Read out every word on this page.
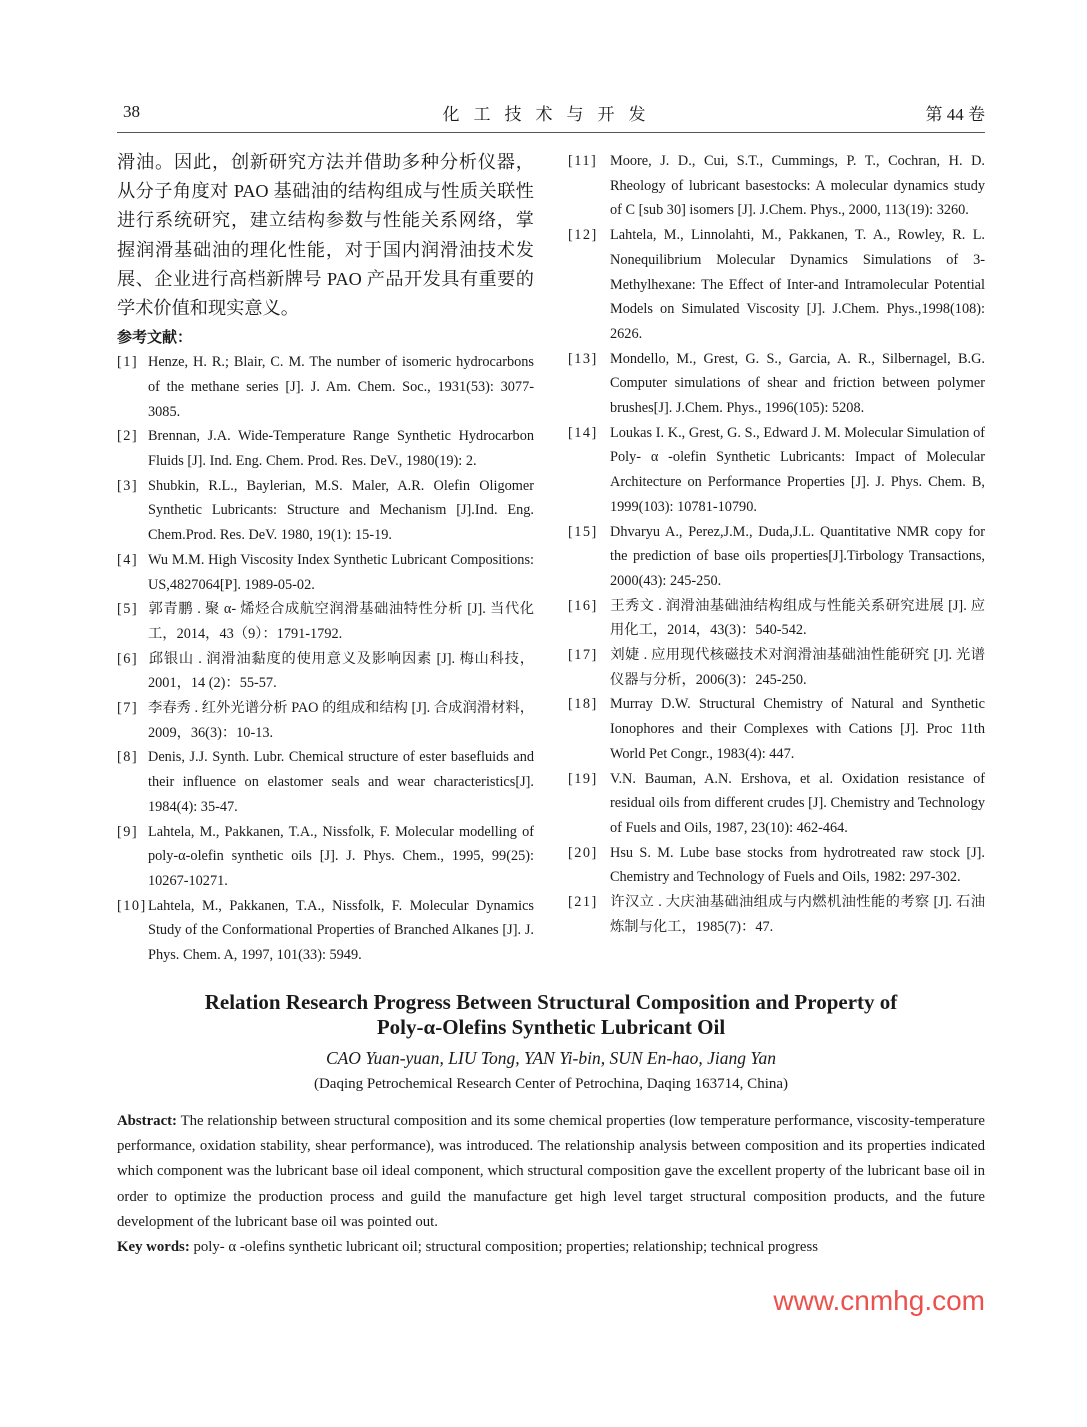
38	化工技术与开发	第 44 卷
滑油。因此，创新研究方法并借助多种分析仪器，从分子角度对 PAO 基础油的结构组成与性质关联性进行系统研究，建立结构参数与性能关系网络，掌握润滑基础油的理化性能，对于国内润滑油技术发展、企业进行高档新牌号 PAO 产品开发具有重要的学术价值和现实意义。
参考文献：
[1] Henze, H. R.; Blair, C. M. The number of isomeric hydrocarbons of the methane series [J]. J. Am. Chem. Soc., 1931(53): 3077-3085.
[2] Brennan, J.A. Wide-Temperature Range Synthetic Hydrocarbon Fluids [J]. Ind. Eng. Chem. Prod. Res. DeV., 1980(19): 2.
[3] Shubkin, R.L., Baylerian, M.S. Maler, A.R. Olefin Oligomer Synthetic Lubricants: Structure and Mechanism [J].Ind. Eng. Chem.Prod. Res. DeV. 1980, 19(1): 15-19.
[4] Wu M.M. High Viscosity Index Synthetic Lubricant Compositions: US,4827064[P]. 1989-05-02.
[5] 郭青鹏 . 聚 α- 烯烃合成航空润滑基础油特性分析 [J]. 当代化工，2014，43（9）：1791-1792.
[6] 邱银山 . 润滑油黏度的使用意义及影响因素 [J]. 梅山科技，2001，14 (2)：55-57.
[7] 李春秀 . 红外光谱分析 PAO 的组成和结构 [J]. 合成润滑材料，2009，36(3)：10-13.
[8] Denis, J.J. Synth. Lubr. Chemical structure of ester basefluids and their influence on elastomer seals and wear characteristics[J]. 1984(4): 35-47.
[9] Lahtela, M., Pakkanen, T.A., Nissfolk, F. Molecular modelling of poly-α-olefin synthetic oils [J]. J. Phys. Chem., 1995, 99(25): 10267-10271.
[10]Lahtela, M., Pakkanen, T.A., Nissfolk, F. Molecular Dynamics Study of the Conformational Properties of Branched Alkanes [J]. J. Phys. Chem. A, 1997, 101(33): 5949.
[11] Moore, J. D., Cui, S.T., Cummings, P. T., Cochran, H. D. Rheology of lubricant basestocks: A molecular dynamics study of C [sub 30] isomers [J]. J.Chem. Phys., 2000, 113(19): 3260.
[12] Lahtela, M., Linnolahti, M., Pakkanen, T. A., Rowley, R. L. Nonequilibrium Molecular Dynamics Simulations of 3-Methylhexane: The Effect of Inter-and Intramolecular Potential Models on Simulated Viscosity [J]. J.Chem. Phys.,1998(108): 2626.
[13] Mondello, M., Grest, G. S., Garcia, A. R., Silbernagel, B.G. Computer simulations of shear and friction between polymer brushes[J]. J.Chem. Phys., 1996(105): 5208.
[14] Loukas I. K., Grest, G. S., Edward J. M. Molecular Simulation of Poly- α -olefin Synthetic Lubricants: Impact of Molecular Architecture on Performance Properties [J]. J. Phys. Chem. B, 1999(103): 10781-10790.
[15] Dhvaryu A., Perez,J.M., Duda,J.L. Quantitative NMR copy for the prediction of base oils properties[J].Tirbology Transactions, 2000(43): 245-250.
[16] 王秀文 . 润滑油基础油结构组成与性能关系研究进展 [J]. 应用化工，2014，43(3)：540-542.
[17] 刘婕 . 应用现代核磁技术对润滑油基础油性能研究 [J]. 光谱仪器与分析，2006(3)：245-250.
[18] Murray D.W. Structural Chemistry of Natural and Synthetic Ionophores and their Complexes with Cations [J]. Proc 11th World Pet Congr., 1983(4): 447.
[19] V.N. Bauman, A.N. Ershova, et al. Oxidation resistance of residual oils from different crudes [J]. Chemistry and Technology of Fuels and Oils, 1987, 23(10): 462-464.
[20] Hsu S. M. Lube base stocks from hydrotreated raw stock [J]. Chemistry and Technology of Fuels and Oils, 1982: 297-302.
[21] 许汉立 . 大庆油基础油组成与内燃机油性能的考察 [J]. 石油炼制与化工，1985(7)：47.
Relation Research Progress Between Structural Composition and Property of
Poly-α-Olefins Synthetic Lubricant Oil
CAO Yuan-yuan, LIU Tong, YAN Yi-bin, SUN En-hao, Jiang Yan
(Daqing Petrochemical Research Center of Petrochina, Daqing 163714, China)
Abstract: The relationship between structural composition and its some chemical properties (low temperature performance, viscosity-temperature performance, oxidation stability, shear performance), was introduced. The relationship analysis between composition and its properties indicated which component was the lubricant base oil ideal component, which structural composition gave the excellent property of the lubricant base oil in order to optimize the production process and guild the manufacture get high level target structural composition products, and the future development of the lubricant base oil was pointed out.
Key words: poly- α -olefins synthetic lubricant oil; structural composition; properties; relationship; technical progress
www.cnmhg.com
